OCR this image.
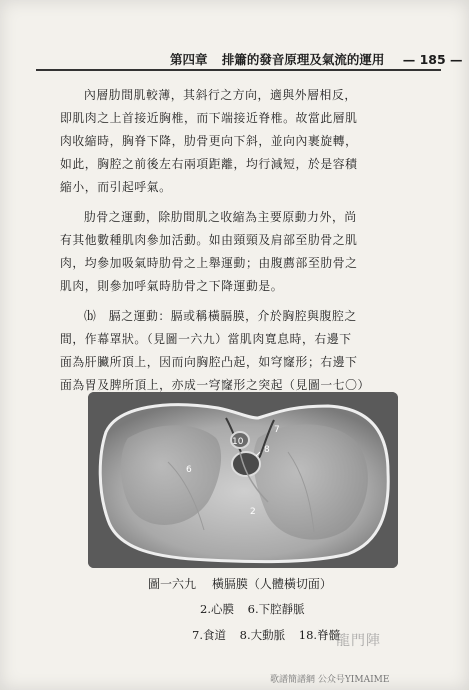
第四章 排簫的發音原理及氣流的運用 — 185 —
內層肋間肌較薄，其斜行之方向，適與外層相反，
即肌肉之上首接近胸椎，而下端接近脊椎。故當此層肌
肉收縮時，胸脊下降，肋骨更向下斜，並向內裹旋轉，
如此，胸腔之前後左右兩項距離，均行減短，於是容積
縮小，而引起呼氣。
肋骨之運動，除肋間肌之收縮為主要原動力外，尚
有其他數種肌肉參加活動。如由頸頸及肩部至肋骨之肌
肉，均參加吸氣時肋骨之上舉運動；由腹薦部至肋骨之
肌肉，則參加呼氣時肋骨之下降運動是。
⒝　膈之運動：膈或稱橫膈膜，介於胸腔與腹腔之
間，作幕罩狀。（見圖一六九）當肌肉寬息時，右邊下
面為肝臟所頂上，因而向胸腔凸起，如穹窿形；右邊下
面為胃及脾所頂上，亦成一穹窿形之突起（見圖一七〇）
10
8
7
6
2
圖一六九 橫膈膜（人體橫切面）
2.心膜 6.下腔靜脈
7.食道 8.大動脈 18.脊髓
龍門陣
歌譜簡譜網 公众号YIMAIME
